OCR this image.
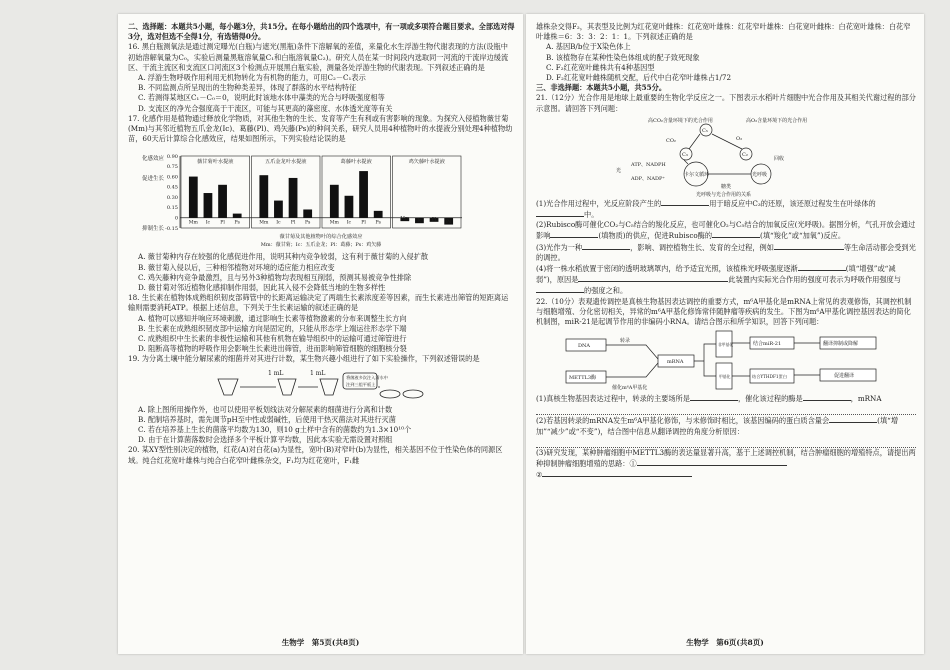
二、选择题：本题共5小题，每小题3分，共15分。在每小题给出的四个选项中，有一项或多项符合题目要求。全部选对得3分，选对但选不全得1分，有选错得0分。

16. 黑白瓶测氧法是通过测定曝光(白瓶)与遮光(黑瓶)条件下溶解氧的差值，来量化水生浮游生物代谢表现的方法(设瓶中初始溶解氧量为C₀，实验后测量黑瓶溶氧量C₁和白瓶溶氧量C₂)。研究人员在某一时间段内选取同一河流的干流岸边缓流区、干流主流区和支流区口河流区3个检测点开展黑白瓶实验，测量各处浮游生物的代谢表现。下列叙述正确的是

A. 浮游生物呼吸作用利用无机物转化为有机物的能力，可用C₂－C₁表示

B. 不同监测点所呈现出的生物种类差异，体现了群落的水平结构特征

C. 若测得某地区C₁－C₀＝0，说明此时该地水体中藻类的光合与呼吸强度相等

D. 支流区的净光合强度高于干流区，可能与其更高的藻密度、水体透光度等有关

17. 化感作用是植物通过释放化学物质，对其他生物的生长、发育等产生有利或有害影响的现象。为探究入侵植物薇甘菊(Mm)与其邻近植物五爪金龙(Ic)、葛藤(Pl)、鸡矢藤(Ps)的种间关系，研究人员用4种植物叶的水提液分别处理4种植物幼苗，60天后计算综合化感效应，结果如图所示，下列实验结论误的是

0.90
0.75
0.60
0.45
0.30
0.15
0
-0.15
化感效应
促进生长
抑制生长
薇甘菊叶水提液
Mm Ic Pl Ps
五爪金龙叶水提液
Mm Ic Pl Ps
葛藤叶水提液
Mm Ic Pl Ps
鸡矢藤叶水提液
Mm Ic Pl
Ps
薇甘菊及其他植物叶的综合化感效应
Mm：薇甘菊；Ic：五爪金龙；Pl：葛藤；Ps：鸡矢藤

A. 薇甘菊种内存在较强的化感促进作用，说明其种内竞争较弱，这有利于薇甘菊的入侵扩散

B. 薇甘菊入侵以后，三种相邻植物对环境的适应能力相应改变

C. 鸡矢藤种内竞争最激烈，且与另外3种植物均表现相互削弱，预测其易被竞争性排除

D. 薇甘菊对邻近植物化感抑制作用弱，因此其入侵不会降低当地的生物多样性

18. 生长素在植物体成熟组织韧皮部筛管中的长距离运输决定了两端生长素浓度差等因素，而生长素进出筛管的短距离运输则需要消耗ATP。根据上述信息，下列关于生长素运输的叙述正确的是

A. 植物可以感知并响应环境刺激，通过影响生长素等植物激素的分布来调整生长方向

B. 生长素在成熟组织韧皮部中运输方向是固定的，只能从形态学上端运往形态学下端

C. 成熟组织中生长素的非极性运输和其他有机物在输导组织中的运输可通过筛管进行

D. 阻断高等植物的呼吸作用会影响生长素进出筛管，进而影响筛管细胞的细胞核分裂

19. 为分离土壤中能分解尿素的细菌并对其进行计数，某生物兴趣小组进行了如下实验操作，下列叙述错误的是

1 mL	1 mL
将菌液多次注入清水中
注到三组平板上

A. 除上图所用操作外，也可以使用平板划线法对分解尿素的细菌进行分离和计数

B. 配制培养基时，需先调节pH至中性或弱碱性，后使用干热灭菌法对其进行灭菌

C. 若在培养基上生长的菌落平均数为130，则10 g土样中含有的菌数约为1.3×10¹⁰个

D. 由于在计算菌落数时会选择多个平板计算平均数，因此本实验无需设置对照组

20. 某XY型性别决定的植物，红花(A)对白花(a)为显性，宽叶(B)对窄叶(b)为显性，相关基因不位于性染色体的同源区域。纯合红花宽叶雄株与纯合白花窄叶雌株杂交，F₁均为红花宽叶，F₁雌

生物学　第5页(共8页)

雄株杂交得F₂，其表型及比例为红花宽叶雌株：红花宽叶雄株：红花窄叶雄株：白花宽叶雌株：白花宽叶雄株：白花窄叶雄株＝6：3：3：2：1：1。下列叙述正确的是

A. 基因B/b位于X染色体上

B. 该植物存在某种性染色体组成的配子致死现象

C. F₂红花宽叶雌株共有4种基因型

D. F₂红花宽叶雌株随机交配，后代中白花窄叶雄株占1/72

三、非选择题：本题共5小题，共55分。

21.（12分）光合作用是地球上最重要的生物化学反应之一。下图表示水稻叶片细胞中光合作用及其相关代谢过程的部分示意图。请回答下列问题：

高CO₂含量环境下的光合作用	高O₂含量环境下的光合作用
C₅
C₃	C₂
CO₂	O₂
卡尔文循环	光呼吸
糖类
ATP、NADPH
ADP、NADP⁺
光
回收
光呼吸与光合作用的关系

(1)光合作用过程中，光反应阶段产生的	用于暗反应中C₃的还原，该还原过程发生在叶绿体的中。

(2)Rubisco酶可催化CO₂与C₅结合的羧化反应，也可催化O₂与C₅结合的加氧反应(光呼吸)。据图分析，气孔开放会通过影响	(填物质)的供应，促进Rubisco酶的	(填“羧化”或“加氧”)反应。

(3)光作为一种	，影响、调控植物生长、发育的全过程，例如	等生命活动都会受到光的调控。

(4)将一株水稻放置于密闭的透明玻璃罩内，给予适宜光照，该植株光呼吸强度逐渐	(填“增强”或“减弱”)，原因是	此装置内实际光合作用的强度可表示为呼吸作用强度与的强度之和。

22.（10分）表观遗传调控是真核生物基因表达调控的重要方式，m⁶A甲基化是mRNA上常见的表观修饰，其调控机制与细胞增殖、分化密切相关，异常的m⁶A甲基化修饰常伴随肿瘤等疾病的发生。下图为m⁶A甲基化调控基因表达的简化机制图，miR-21是起调节作用的非编码小RNA。请结合图示和所学知识，回答下列问题：

DNA
METTL3酶
mRNA
非甲基化
甲基化
结合miR-21	翻译抑制或降解
结合YTHDF1蛋白	促进翻译
转录
催化m⁶A甲基化

(1)真核生物基因表达过程中，转录的主要场所是	，催化该过程的酶是	，mRNA

(2)若基因转录的mRNA发生m⁶A甲基化修饰，与未修饰时相比，该基因编码的蛋白质含量会	(填“增加”“减少”或“不变”)，结合图中信息从翻译调控的角度分析原因：

(3)研究发现，某种肿瘤细胞中METTL3酶的表达量显著升高，基于上述调控机制，结合肿瘤细胞的增殖特点，请提出两种抑制肿瘤细胞增殖的思路：①

②

生物学　第6页(共8页)
